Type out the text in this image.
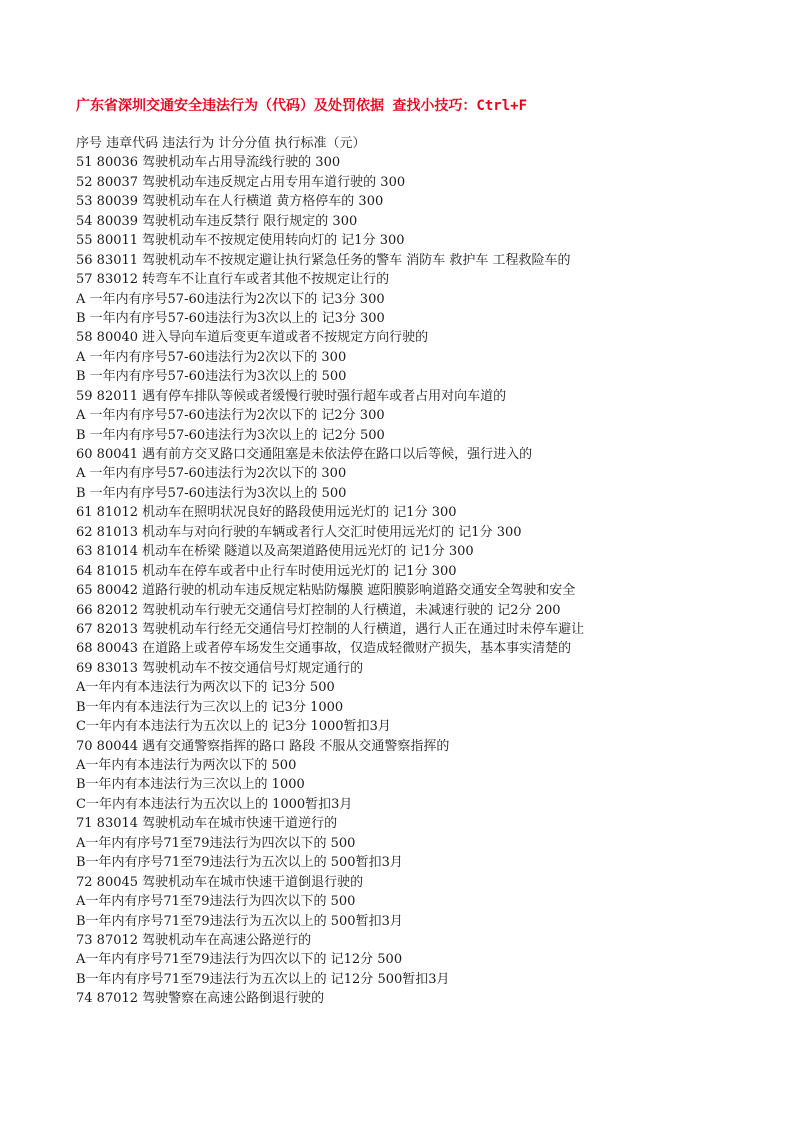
广东省深圳交通安全违法行为（代码）及处罚依据 查找小技巧：Ctrl+F
序号 违章代码 违法行为 计分分值 执行标准（元）
51 80036 驾驶机动车占用导流线行驶的 300
52 80037 驾驶机动车违反规定占用专用车道行驶的 300
53 80039 驾驶机动车在人行横道 黄方格停车的 300
54 80039 驾驶机动车违反禁行 限行规定的 300
55 80011 驾驶机动车不按规定使用转向灯的 记1分 300
56 83011 驾驶机动车不按规定避让执行紧急任务的警车 消防车 救护车 工程救险车的
57 83012 转弯车不让直行车或者其他不按规定让行的
A 一年内有序号57-60违法行为2次以下的 记3分 300
B 一年内有序号57-60违法行为3次以上的 记3分 300
58 80040 进入导向车道后变更车道或者不按规定方向行驶的
A 一年内有序号57-60违法行为2次以下的 300
B 一年内有序号57-60违法行为3次以上的 500
59 82011 遇有停车排队等候或者缓慢行驶时强行超车或者占用对向车道的
A 一年内有序号57-60违法行为2次以下的 记2分 300
B 一年内有序号57-60违法行为3次以上的 记2分 500
60 80041 遇有前方交叉路口交通阻塞是未依法停在路口以后等候，强行进入的
A 一年内有序号57-60违法行为2次以下的 300
B 一年内有序号57-60违法行为3次以上的 500
61 81012 机动车在照明状况良好的路段使用远光灯的 记1分 300
62 81013 机动车与对向行驶的车辆或者行人交汇时使用远光灯的 记1分 300
63 81014 机动车在桥梁 隧道以及高架道路使用远光灯的 记1分 300
64 81015 机动车在停车或者中止行车时使用远光灯的 记1分 300
65 80042 道路行驶的机动车违反规定粘贴防爆膜 遮阳膜影响道路交通安全驾驶和安全
66 82012 驾驶机动车行驶无交通信号灯控制的人行横道，未减速行驶的 记2分 200
67 82013 驾驶机动车行经无交通信号灯控制的人行横道，遇行人正在通过时未停车避让
68 80043 在道路上或者停车场发生交通事故，仅造成轻微财产损失，基本事实清楚的
69 83013 驾驶机动车不按交通信号灯规定通行的
A一年内有本违法行为两次以下的 记3分 500
B一年内有本违法行为三次以上的 记3分 1000
C一年内有本违法行为五次以上的 记3分 1000暂扣3月
70 80044 遇有交通警察指挥的路口 路段 不服从交通警察指挥的
A一年内有本违法行为两次以下的 500
B一年内有本违法行为三次以上的 1000
C一年内有本违法行为五次以上的 1000暂扣3月
71 83014 驾驶机动车在城市快速干道逆行的
A一年内有序号71至79违法行为四次以下的 500
B一年内有序号71至79违法行为五次以上的 500暂扣3月
72 80045 驾驶机动车在城市快速干道倒退行驶的
A一年内有序号71至79违法行为四次以下的 500
B一年内有序号71至79违法行为五次以上的 500暂扣3月
73 87012 驾驶机动车在高速公路逆行的
A一年内有序号71至79违法行为四次以下的 记12分 500
B一年内有序号71至79违法行为五次以上的 记12分 500暂扣3月
74 87012 驾驶警察在高速公路倒退行驶的
